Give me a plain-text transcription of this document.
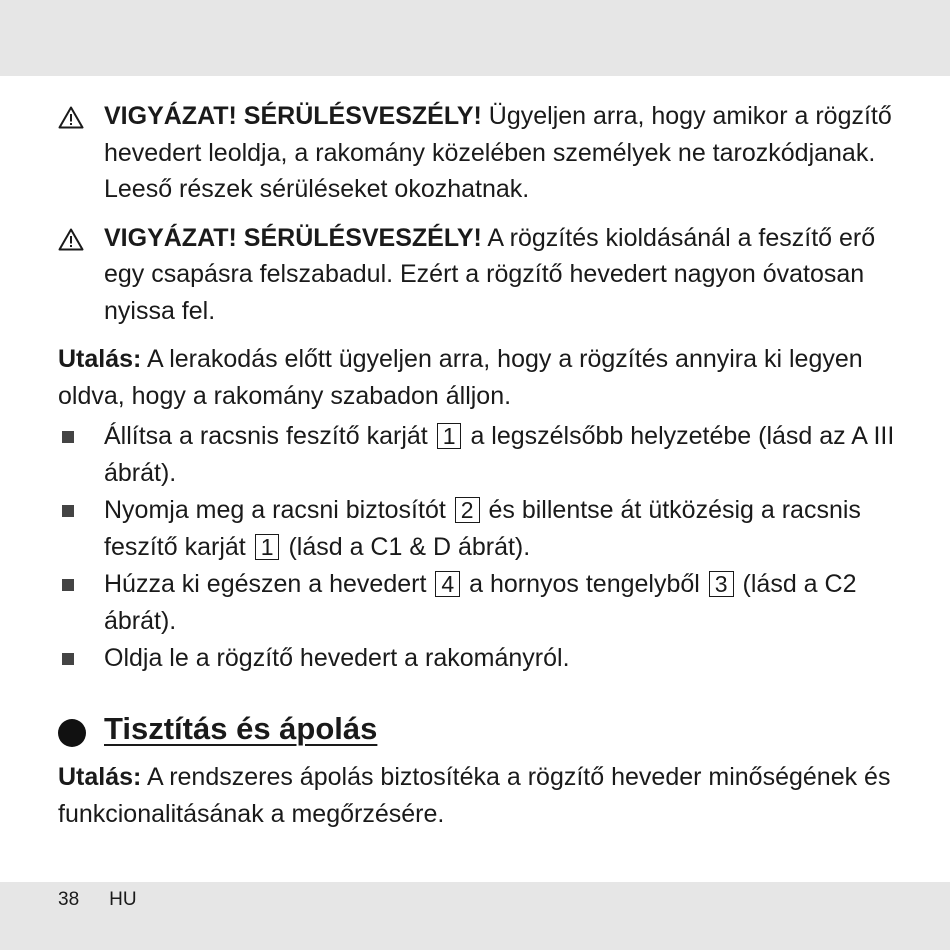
VIGYÁZAT! SÉRÜLÉSVESZÉLY! Ügyeljen arra, hogy amikor a rögzítő hevedert leoldja, a rakomány közelében személyek ne tarozkódjanak. Leeső részek sérüléseket okozhatnak.
VIGYÁZAT! SÉRÜLÉSVESZÉLY! A rögzítés kioldásánál a feszítő erő egy csapásra felszabadul. Ezért a rögzítő hevedert nagyon óvatosan nyissa fel.
Utalás: A lerakodás előtt ügyeljen arra, hogy a rögzítés annyira ki legyen oldva, hogy a rakomány szabadon álljon.
Állítsa a racsnis feszítő karját 1 a legszélsőbb helyzetébe (lásd az A III ábrát).
Nyomja meg a racsni biztosítót 2 és billentse át ütközésig a racsnis feszítő karját 1 (lásd a C1 & D ábrát).
Húzza ki egészen a hevedert 4 a hornyos tengelyből 3 (lásd a C2 ábrát).
Oldja le a rögzítő hevedert a rakományról.
Tisztítás és ápolás
Utalás: A rendszeres ápolás biztosítéka a rögzítő heveder minőségének és funkcionalitásának a megőrzésére.
38 HU
